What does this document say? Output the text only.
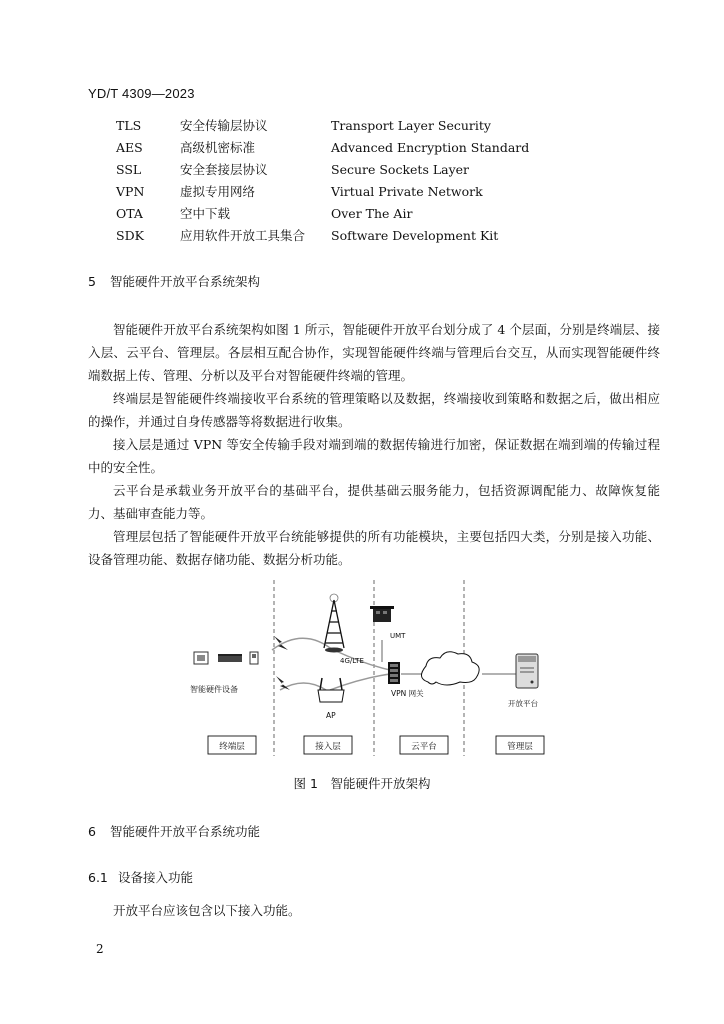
YD/T 4309—2023
TLS	安全传输层协议	Transport Layer Security
AES	高级机密标准	Advanced Encryption Standard
SSL	安全套接层协议	Secure Sockets Layer
VPN	虚拟专用网络	Virtual Private Network
OTA	空中下载	Over The Air
SDK	应用软件开放工具集合	Software Development Kit
5 智能硬件开放平台系统架构

智能硬件开放平台系统架构如图 1 所示，智能硬件开放平台划分成了 4 个层面，分别是终端层、接入层、云平台、管理层。各层相互配合协作，实现智能硬件终端与管理后台交互，从而实现智能硬件终端数据上传、管理、分析以及平台对智能硬件终端的管理。

终端层是智能硬件终端接收平台系统的管理策略以及数据，终端接收到策略和数据之后，做出相应的操作，并通过自身传感器等将数据进行收集。

接入层是通过 VPN 等安全传输手段对端到端的数据传输进行加密，保证数据在端到端的传输过程中的安全性。

云平台是承载业务开放平台的基础平台，提供基础云服务能力，包括资源调配能力、故障恢复能力、基础审查能力等。

管理层包括了智能硬件开放平台统能够提供的所有功能模块，主要包括四大类，分别是接入功能、设备管理功能、数据存储功能、数据分析功能。

4G/LTE
UMT
智能硬件设备
AP
VPN 网关
开放平台
终端层	接入层	云平台	管理层
图 1　智能硬件开放架构
6 智能硬件开放平台系统功能
6.1 设备接入功能

开放平台应该包含以下接入功能。

2
